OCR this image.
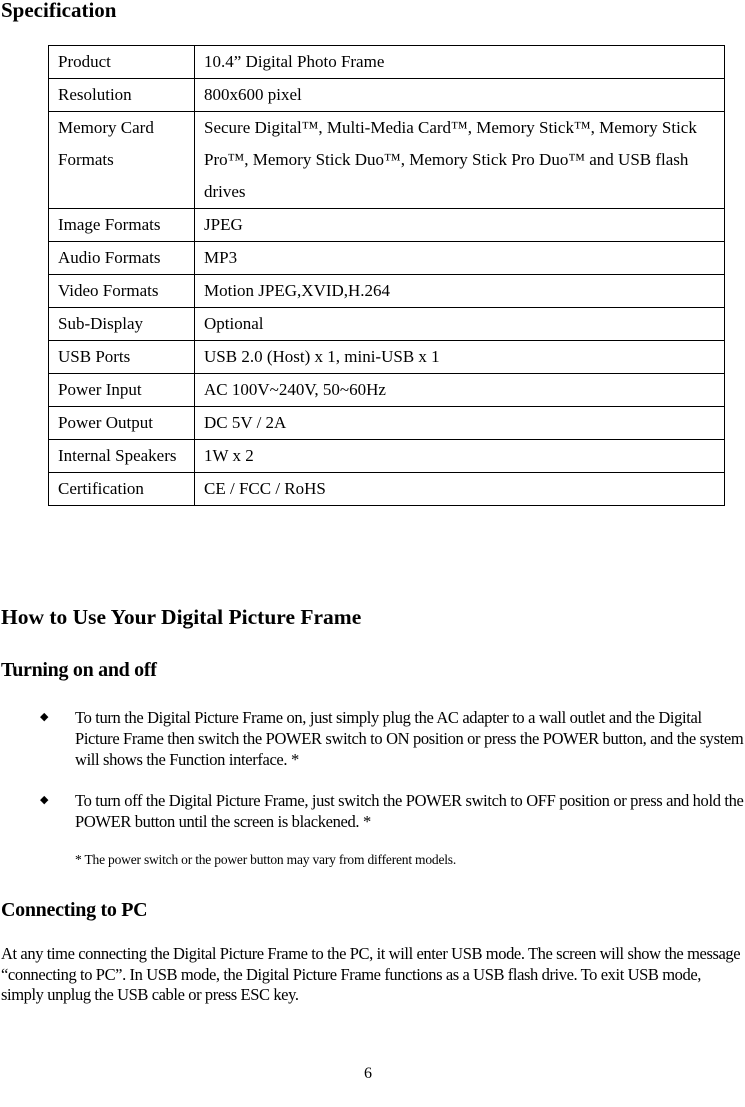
Specification
Product	10.4” Digital Photo Frame
Resolution	800x600 pixel
Memory Card Formats	Secure Digital™, Multi-Media Card™, Memory Stick™, Memory Stick Pro™, Memory Stick Duo™, Memory Stick Pro Duo™ and USB flash drives
Image Formats	JPEG
Audio Formats	MP3
Video Formats	Motion JPEG,XVID,H.264
Sub-Display	Optional
USB Ports	USB 2.0 (Host) x 1, mini-USB x 1
Power Input	AC 100V~240V, 50~60Hz
Power Output	DC 5V / 2A
Internal Speakers	1W x 2
Certification	CE / FCC / RoHS
How to Use Your Digital Picture Frame
Turning on and off
◆ To turn the Digital Picture Frame on, just simply plug the AC adapter to a wall outlet and the Digital Picture Frame then switch the POWER switch to ON position or press the POWER button, and the system will shows the Function interface. *
◆ To turn off the Digital Picture Frame, just switch the POWER switch to OFF position or press and hold the POWER button until the screen is blackened. *
* The power switch or the power button may vary from different models.
Connecting to PC

At any time connecting the Digital Picture Frame to the PC, it will enter USB mode. The screen will show the message “connecting to PC”. In USB mode, the Digital Picture Frame functions as a USB flash drive. To exit USB mode, simply unplug the USB cable or press ESC key.

6
